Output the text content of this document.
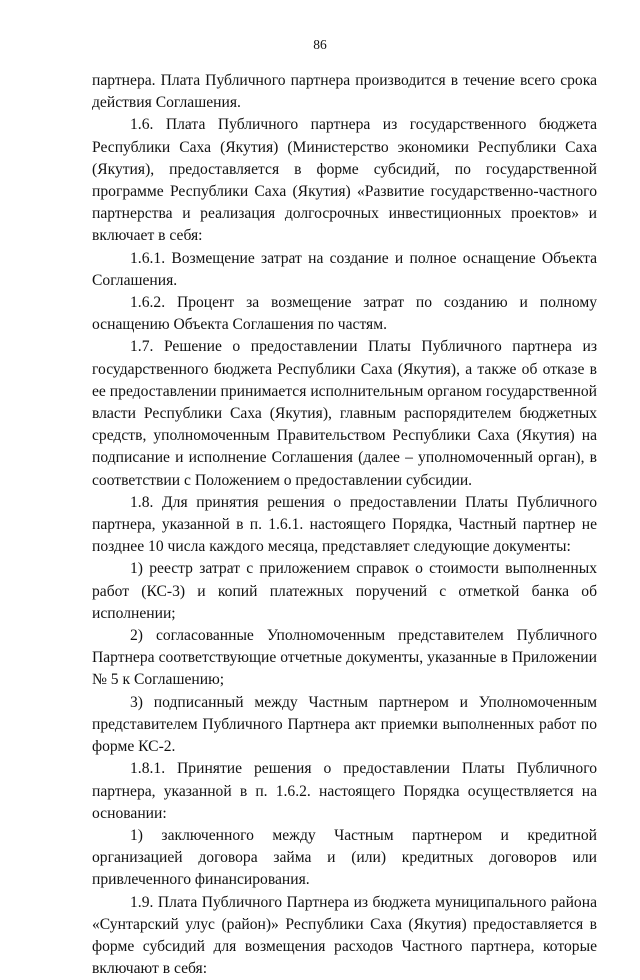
86

партнера. Плата Публичного партнера производится в течение всего срока действия Соглашения.

1.6. Плата Публичного партнера из государственного бюджета Республики Саха (Якутия) (Министерство экономики Республики Саха (Якутия), предоставляется в форме субсидий, по государственной программе Республики Саха (Якутия) «Развитие государственно-частного партнерства и реализация долгосрочных инвестиционных проектов» и включает в себя:

1.6.1. Возмещение затрат на создание и полное оснащение Объекта Соглашения.

1.6.2. Процент за возмещение затрат по созданию и полному оснащению Объекта Соглашения по частям.

1.7. Решение о предоставлении Платы Публичного партнера из государственного бюджета Республики Саха (Якутия), а также об отказе в ее предоставлении принимается исполнительным органом государственной власти Республики Саха (Якутия), главным распорядителем бюджетных средств, уполномоченным Правительством Республики Саха (Якутия) на подписание и исполнение Соглашения (далее – уполномоченный орган), в соответствии с Положением о предоставлении субсидии.

1.8. Для принятия решения о предоставлении Платы Публичного партнера, указанной в п. 1.6.1. настоящего Порядка, Частный партнер не позднее 10 числа каждого месяца, представляет следующие документы:

1) реестр затрат с приложением справок о стоимости выполненных работ (КС-3) и копий платежных поручений с отметкой банка об исполнении;

2) согласованные Уполномоченным представителем Публичного Партнера соответствующие отчетные документы, указанные в Приложении № 5 к Соглашению;

3) подписанный между Частным партнером и Уполномоченным представителем Публичного Партнера акт приемки выполненных работ по форме КС-2.

1.8.1. Принятие решения о предоставлении Платы Публичного партнера, указанной в п. 1.6.2. настоящего Порядка осуществляется на основании:

1) заключенного между Частным партнером и кредитной организацией договора займа и (или) кредитных договоров или привлеченного финансирования.

1.9. Плата Публичного Партнера из бюджета муниципального района «Сунтарский улус (район)» Республики Саха (Якутия) предоставляется в форме субсидий для возмещения расходов Частного партнера, которые включают в себя:
